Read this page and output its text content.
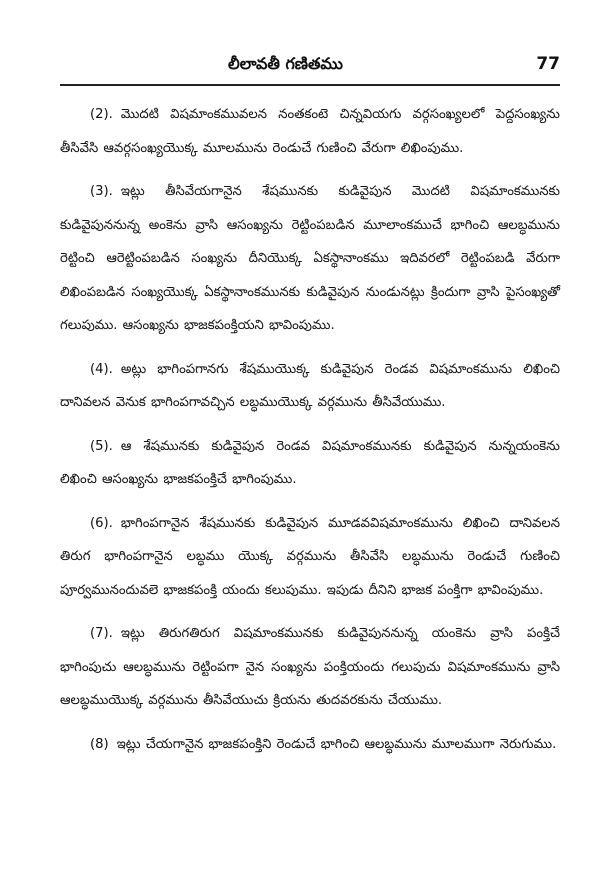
లీలావతీ గణితము	77

(2). మొదటి విషమాంకమువలన నంతకంటె చిన్నవియగు వర్గసంఖ్యలలో పెద్దసంఖ్యను తీసివేసి ఆవర్గసంఖ్యయొక్క మూలమును రెండుచే గుణించి వేరుగా లిఖింపుము.

(3). ఇట్లు తీసివేయగానైన శేషమునకు కుడివైపున మొదటి విషమాంకమునకు కుడివైపుననున్న అంకెను వ్రాసి ఆసంఖ్యను రెట్టింపబడిన మూలాంకముచే భాగించి ఆలబ్ధమును రెట్టించి ఆరెట్టింపబడిన సంఖ్యను దీనియొక్క ఏకస్థానాంకము ఇదివరలో రెట్టింపబడి వేరుగా లిఖింపబడిన సంఖ్యయొక్క ఏకస్థానాంకమునకు కుడివైపున నుండునట్లు క్రిందుగా వ్రాసి పైసంఖ్యతో గలుపుము. ఆసంఖ్యను భాజకపంక్తియని భావింపుము.

(4). అట్లు భాగింపగానగు శేషముయొక్క కుడివైపున రెండవ విషమాంకమును లిఖించి దానివలన వెనుక భాగింపగావచ్చిన లబ్ధముయొక్క వర్గమును తీసివేయుము.

(5). ఆ శేషమునకు కుడివైపున రెండవ విషమాంకమునకు కుడివైపున నున్నయంకెను లిఖించి ఆసంఖ్యను భాజకపంక్తిచే భాగింపుము.

(6). భాగింపగానైన శేషమునకు కుడివైపున మూడవవిషమాంకమును లిఖించి దానివలన తిరుగ భాగింపగానైన లబ్ధము యొక్క వర్గమును తీసివేసి లబ్ధమును రెండుచే గుణించి పూర్వమునందువలె భాజకపంక్తి యందు కలుపుము. ఇపుడు దీనిని భాజక పంక్తిగా భావింపుము.

(7). ఇట్లు తిరుగతిరుగ విషమాంకమునకు కుడివైపుననున్న యంకెను వ్రాసి పంక్తిచే భాగింపుచు ఆలబ్ధమును రెట్టింపగా నైన సంఖ్యను పంక్తియందు గలుపుచు విషమాంకమును వ్రాసి ఆలబ్ధముయొక్క వర్గమును తీసివేయుచు క్రియను తుదవరకును చేయుము.

(8) ఇట్లు చేయగానైన భాజకపంక్తిని రెండుచే భాగించి ఆలబ్ధమును మూలముగా నెరుగుము.
